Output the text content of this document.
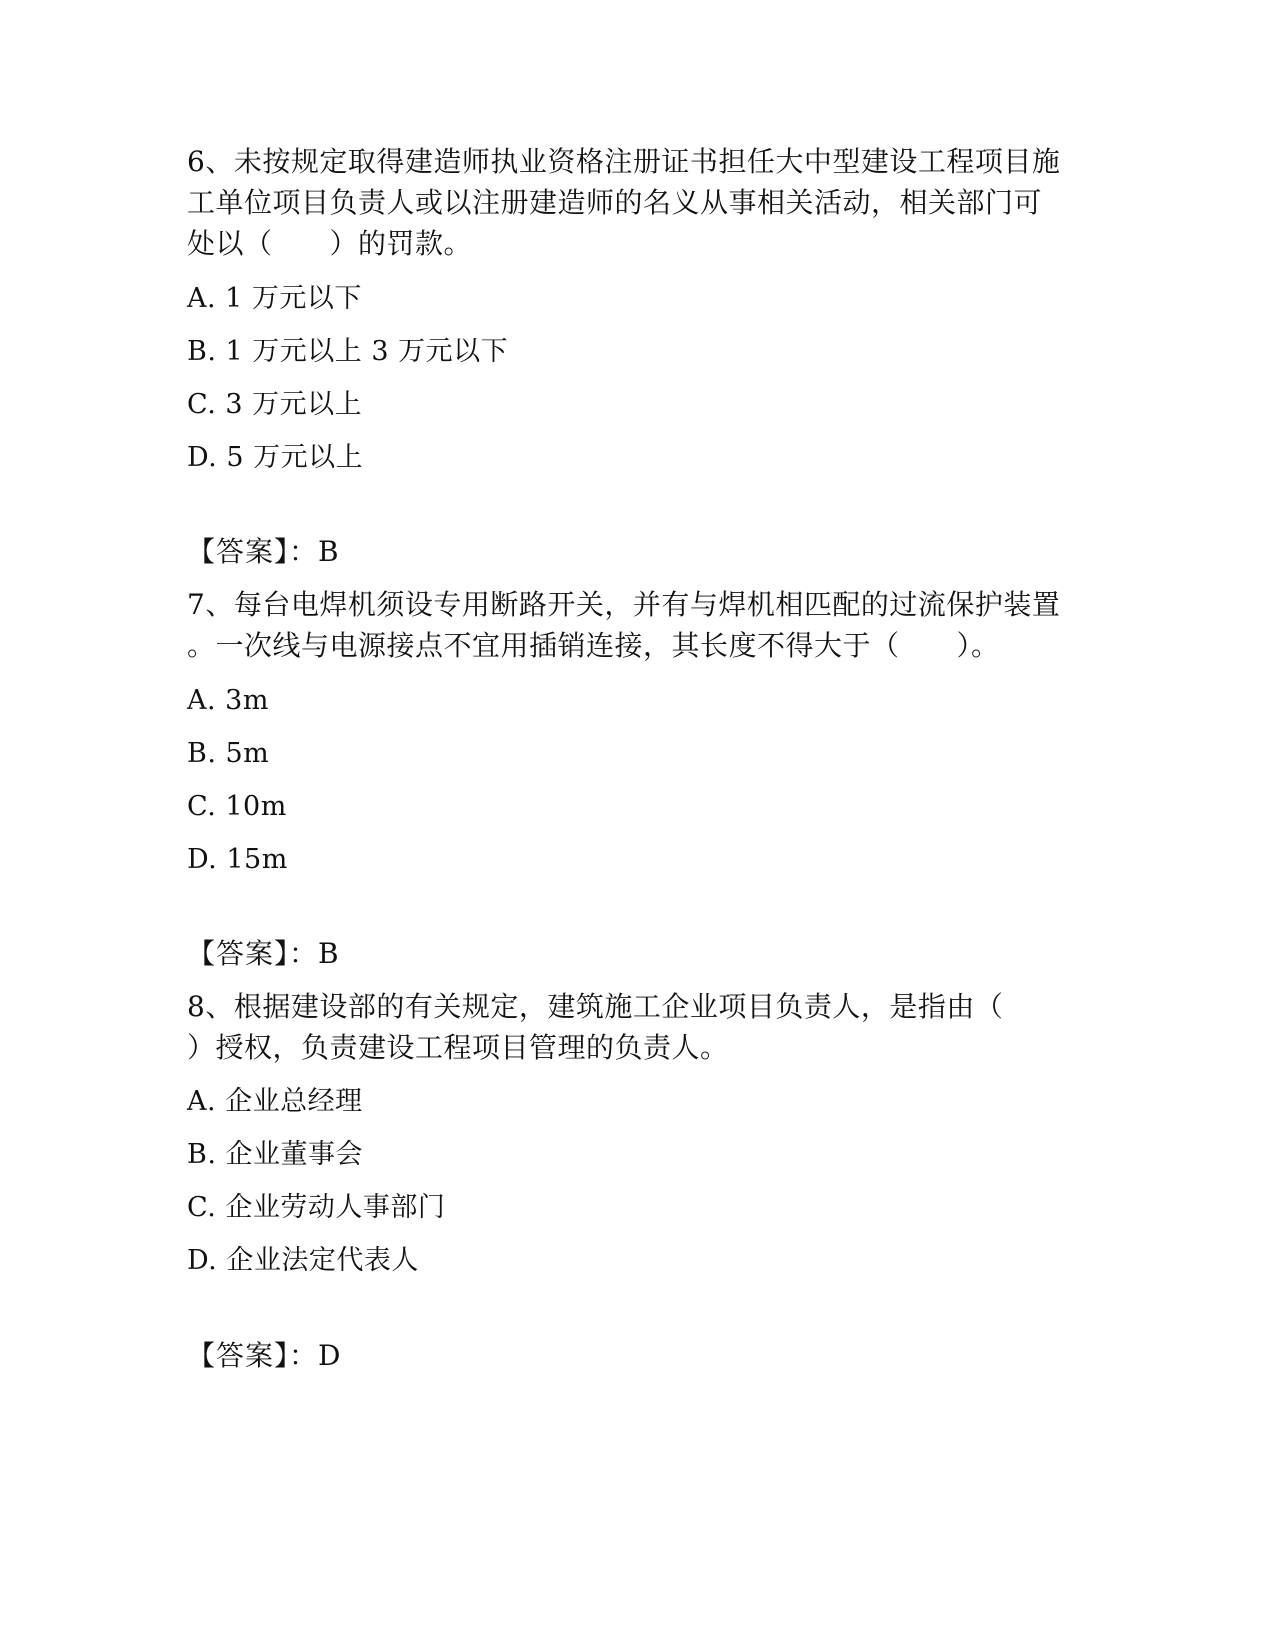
6、未按规定取得建造师执业资格注册证书担任大中型建设工程项目施
工单位项目负责人或以注册建造师的名义从事相关活动，相关部门可
处以（　　）的罚款。
A. 1 万元以下
B. 1 万元以上 3 万元以下
C. 3 万元以上
D. 5 万元以上
【答案】：B
7、每台电焊机须设专用断路开关，并有与焊机相匹配的过流保护装置
。一次线与电源接点不宜用插销连接，其长度不得大于（　　）。
A. 3m
B. 5m
C. 10m
D. 15m
【答案】：B
8、根据建设部的有关规定，建筑施工企业项目负责人，是指由（
）授权，负责建设工程项目管理的负责人。
A. 企业总经理
B. 企业董事会
C. 企业劳动人事部门
D. 企业法定代表人
【答案】：D
